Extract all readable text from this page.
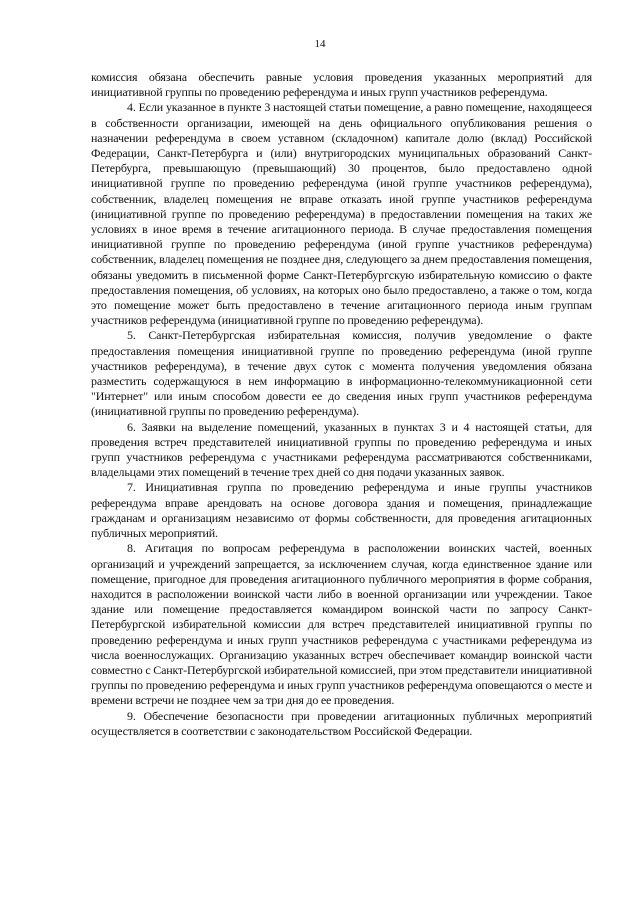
14

комиссия обязана обеспечить равные условия проведения указанных мероприятий для инициативной группы по проведению референдума и иных групп участников референдума.

4. Если указанное в пункте 3 настоящей статьи помещение, а равно помещение, находящееся в собственности организации, имеющей на день официального опубликования решения о назначении референдума в своем уставном (складочном) капитале долю (вклад) Российской Федерации, Санкт-Петербурга и (или) внутригородских муниципальных образований Санкт-Петербурга, превышающую (превышающий) 30 процентов, было предоставлено одной инициативной группе по проведению референдума (иной группе участников референдума), собственник, владелец помещения не вправе отказать иной группе участников референдума (инициативной группе по проведению референдума) в предоставлении помещения на таких же условиях в иное время в течение агитационного периода. В случае предоставления помещения инициативной группе по проведению референдума (иной группе участников референдума) собственник, владелец помещения не позднее дня, следующего за днем предоставления помещения, обязаны уведомить в письменной форме Санкт-Петербургскую избирательную комиссию о факте предоставления помещения, об условиях, на которых оно было предоставлено, а также о том, когда это помещение может быть предоставлено в течение агитационного периода иным группам участников референдума (инициативной группе по проведению референдума).

5. Санкт-Петербургская избирательная комиссия, получив уведомление о факте предоставления помещения инициативной группе по проведению референдума (иной группе участников референдума), в течение двух суток с момента получения уведомления обязана разместить содержащуюся в нем информацию в информационно-телекоммуникационной сети "Интернет" или иным способом довести ее до сведения иных групп участников референдума (инициативной группы по проведению референдума).

6. Заявки на выделение помещений, указанных в пунктах 3 и 4 настоящей статьи, для проведения встреч представителей инициативной группы по проведению референдума и иных групп участников референдума с участниками референдума рассматриваются собственниками, владельцами этих помещений в течение трех дней со дня подачи указанных заявок.

7. Инициативная группа по проведению референдума и иные группы участников референдума вправе арендовать на основе договора здания и помещения, принадлежащие гражданам и организациям независимо от формы собственности, для проведения агитационных публичных мероприятий.

8. Агитация по вопросам референдума в расположении воинских частей, военных организаций и учреждений запрещается, за исключением случая, когда единственное здание или помещение, пригодное для проведения агитационного публичного мероприятия в форме собрания, находится в расположении воинской части либо в военной организации или учреждении. Такое здание или помещение предоставляется командиром воинской части по запросу Санкт-Петербургской избирательной комиссии для встреч представителей инициативной группы по проведению референдума и иных групп участников референдума с участниками референдума из числа военнослужащих. Организацию указанных встреч обеспечивает командир воинской части совместно с Санкт-Петербургской избирательной комиссией, при этом представители инициативной группы по проведению референдума и иных групп участников референдума оповещаются о месте и времени встречи не позднее чем за три дня до ее проведения.

9. Обеспечение безопасности при проведении агитационных публичных мероприятий осуществляется в соответствии с законодательством Российской Федерации.
